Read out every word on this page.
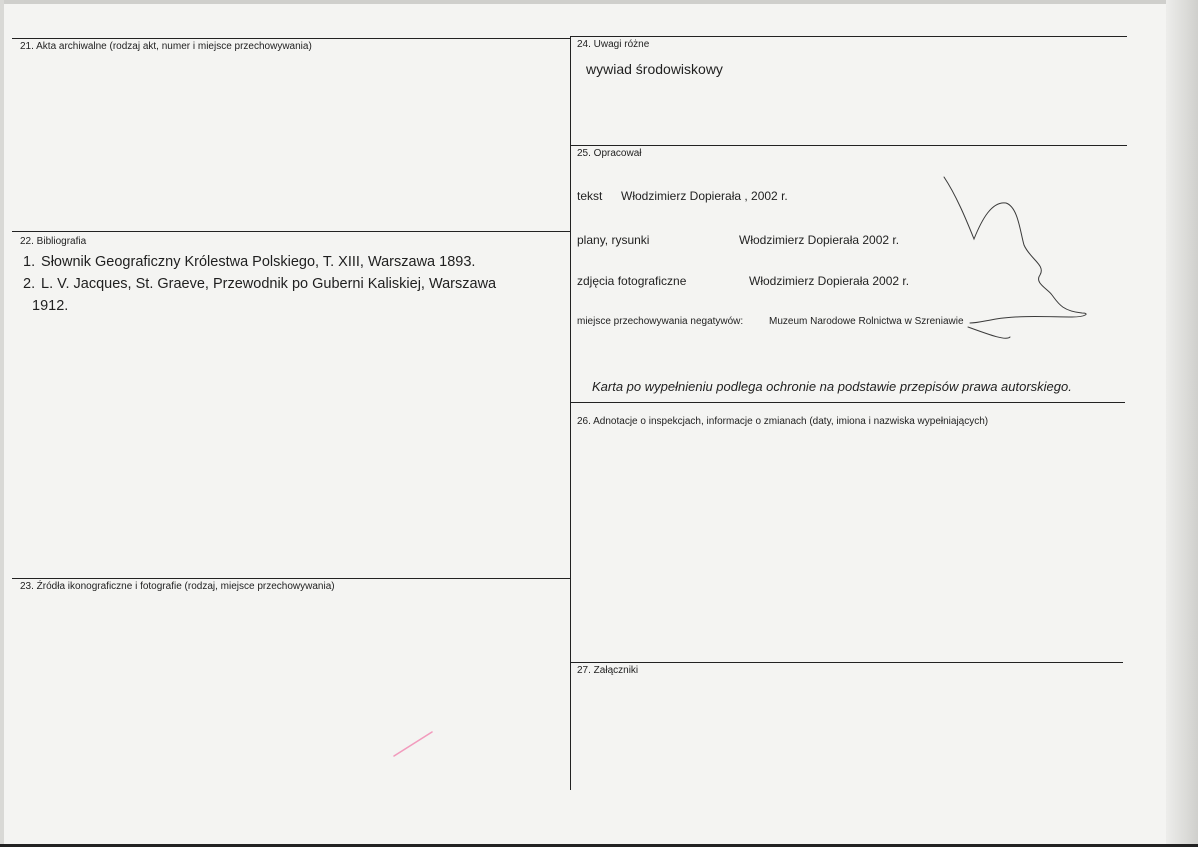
21. Akta archiwalne (rodzaj akt, numer i miejsce przechowywania)
22. Bibliografia
1. Słownik Geograficzny Królestwa Polskiego, T. XIII, Warszawa 1893.
2. L. V. Jacques, St. Graeve, Przewodnik po Guberni Kaliskiej, Warszawa
1912.
23. Źródła ikonograficzne i fotografie (rodzaj, miejsce przechowywania)
24. Uwagi różne
wywiad środowiskowy
25. Opracował
tekst Włodzimierz Dopierała , 2002 r.
plany, rysunki	Włodzimierz Dopierała 2002 r.
zdjęcia fotograficzne	Włodzimierz Dopierała 2002 r.
miejsce przechowywania negatywów:	Muzeum Narodowe Rolnictwa w Szreniawie
Karta po wypełnieniu podlega ochronie na podstawie przepisów prawa autorskiego.
26. Adnotacje o inspekcjach, informacje o zmianach (daty, imiona i nazwiska wypełniających)
27. Załączniki
